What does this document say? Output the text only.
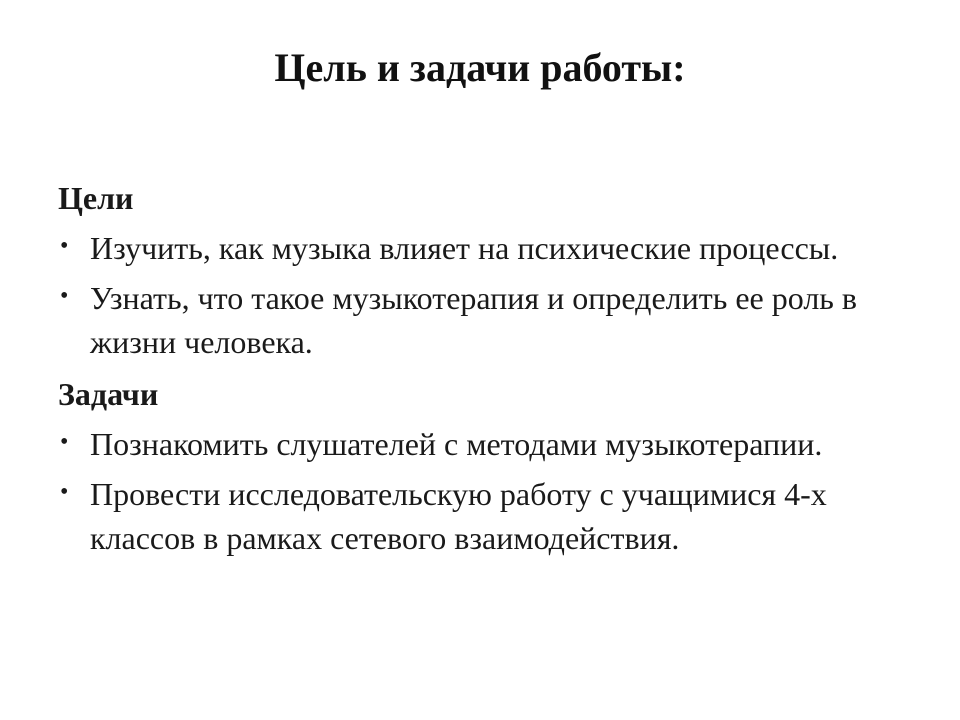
Цель и задачи работы:
Цели
• Изучить, как музыка влияет на психические процессы.
• Узнать, что такое музыкотерапия и определить ее роль в жизни человека.
Задачи
• Познакомить слушателей с методами музыкотерапии.
• Провести исследовательскую работу с учащимися 4-х классов в рамках сетевого взаимодействия.
